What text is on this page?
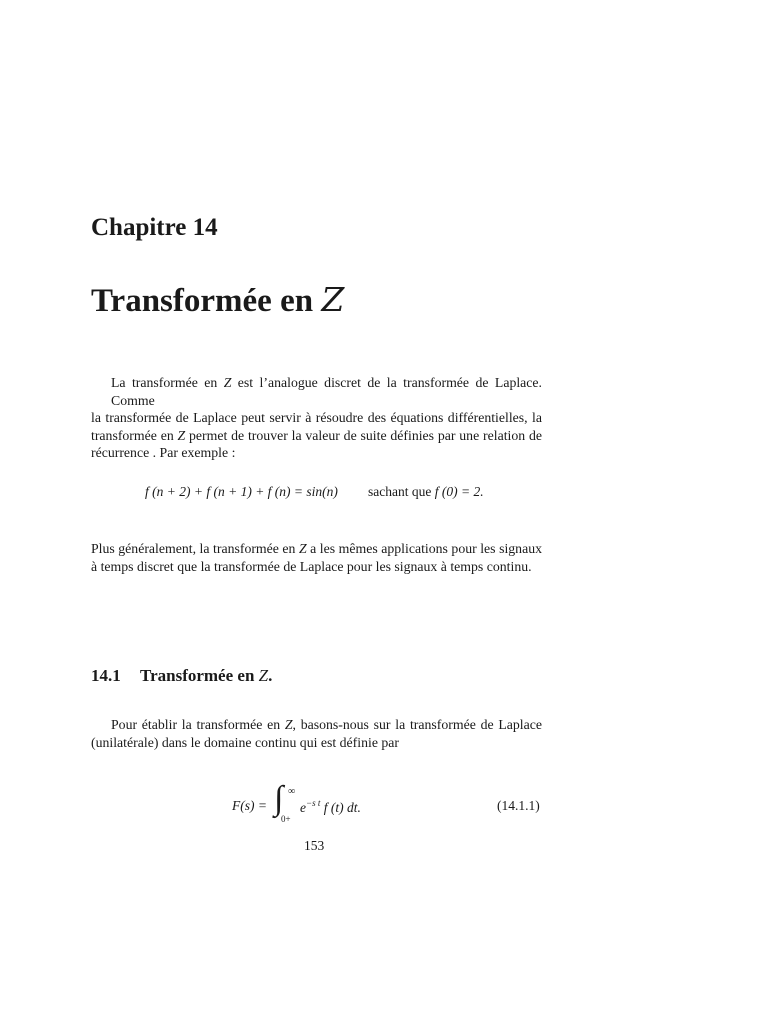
Chapitre 14
Transformée en Z
La transformée en Z est l’analogue discret de la transformée de Laplace. Comme
la transformée de Laplace peut servir à résoudre des équations différentielles, la
transformée en Z permet de trouver la valeur de suite définies par une relation de
récurrence . Par exemple :
f (n + 2) + f (n + 1) + f (n) = sin(n) sachant que f (0) = 2.
Plus généralement, la transformée en Z a les mêmes applications pour les signaux
à temps discret que la transformée de Laplace pour les signaux à temps continu.
14.1 Transformée en Z.
Pour établir la transformée en Z, basons-nous sur la transformée de Laplace
(unilatérale) dans le domaine continu qui est définie par
F(s) = ∫ ∞
0+
$e^{-s t}$ f (t) dt.	(14.1.1)
153
